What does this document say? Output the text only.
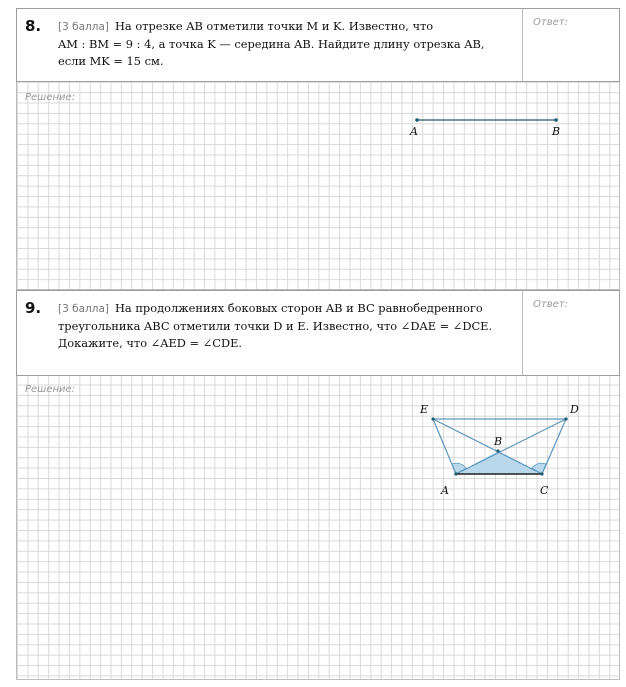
8. [3 балла] На отрезке AB отметили точки M и K. Известно, что
AM : BM = 9 : 4, а точка K — середина AB. Найдите длину отрезка AB,
если MK = 15 см.
Ответ:
Решение:
A	B
9. [3 балла] На продолжениях боковых сторон AB и BC равнобедренного
треугольника ABC отметили точки D и E. Известно, что ∠DAE = ∠DCE.
Докажите, что ∠AED = ∠CDE.
Ответ:
Решение:
E	D
B
A	C
